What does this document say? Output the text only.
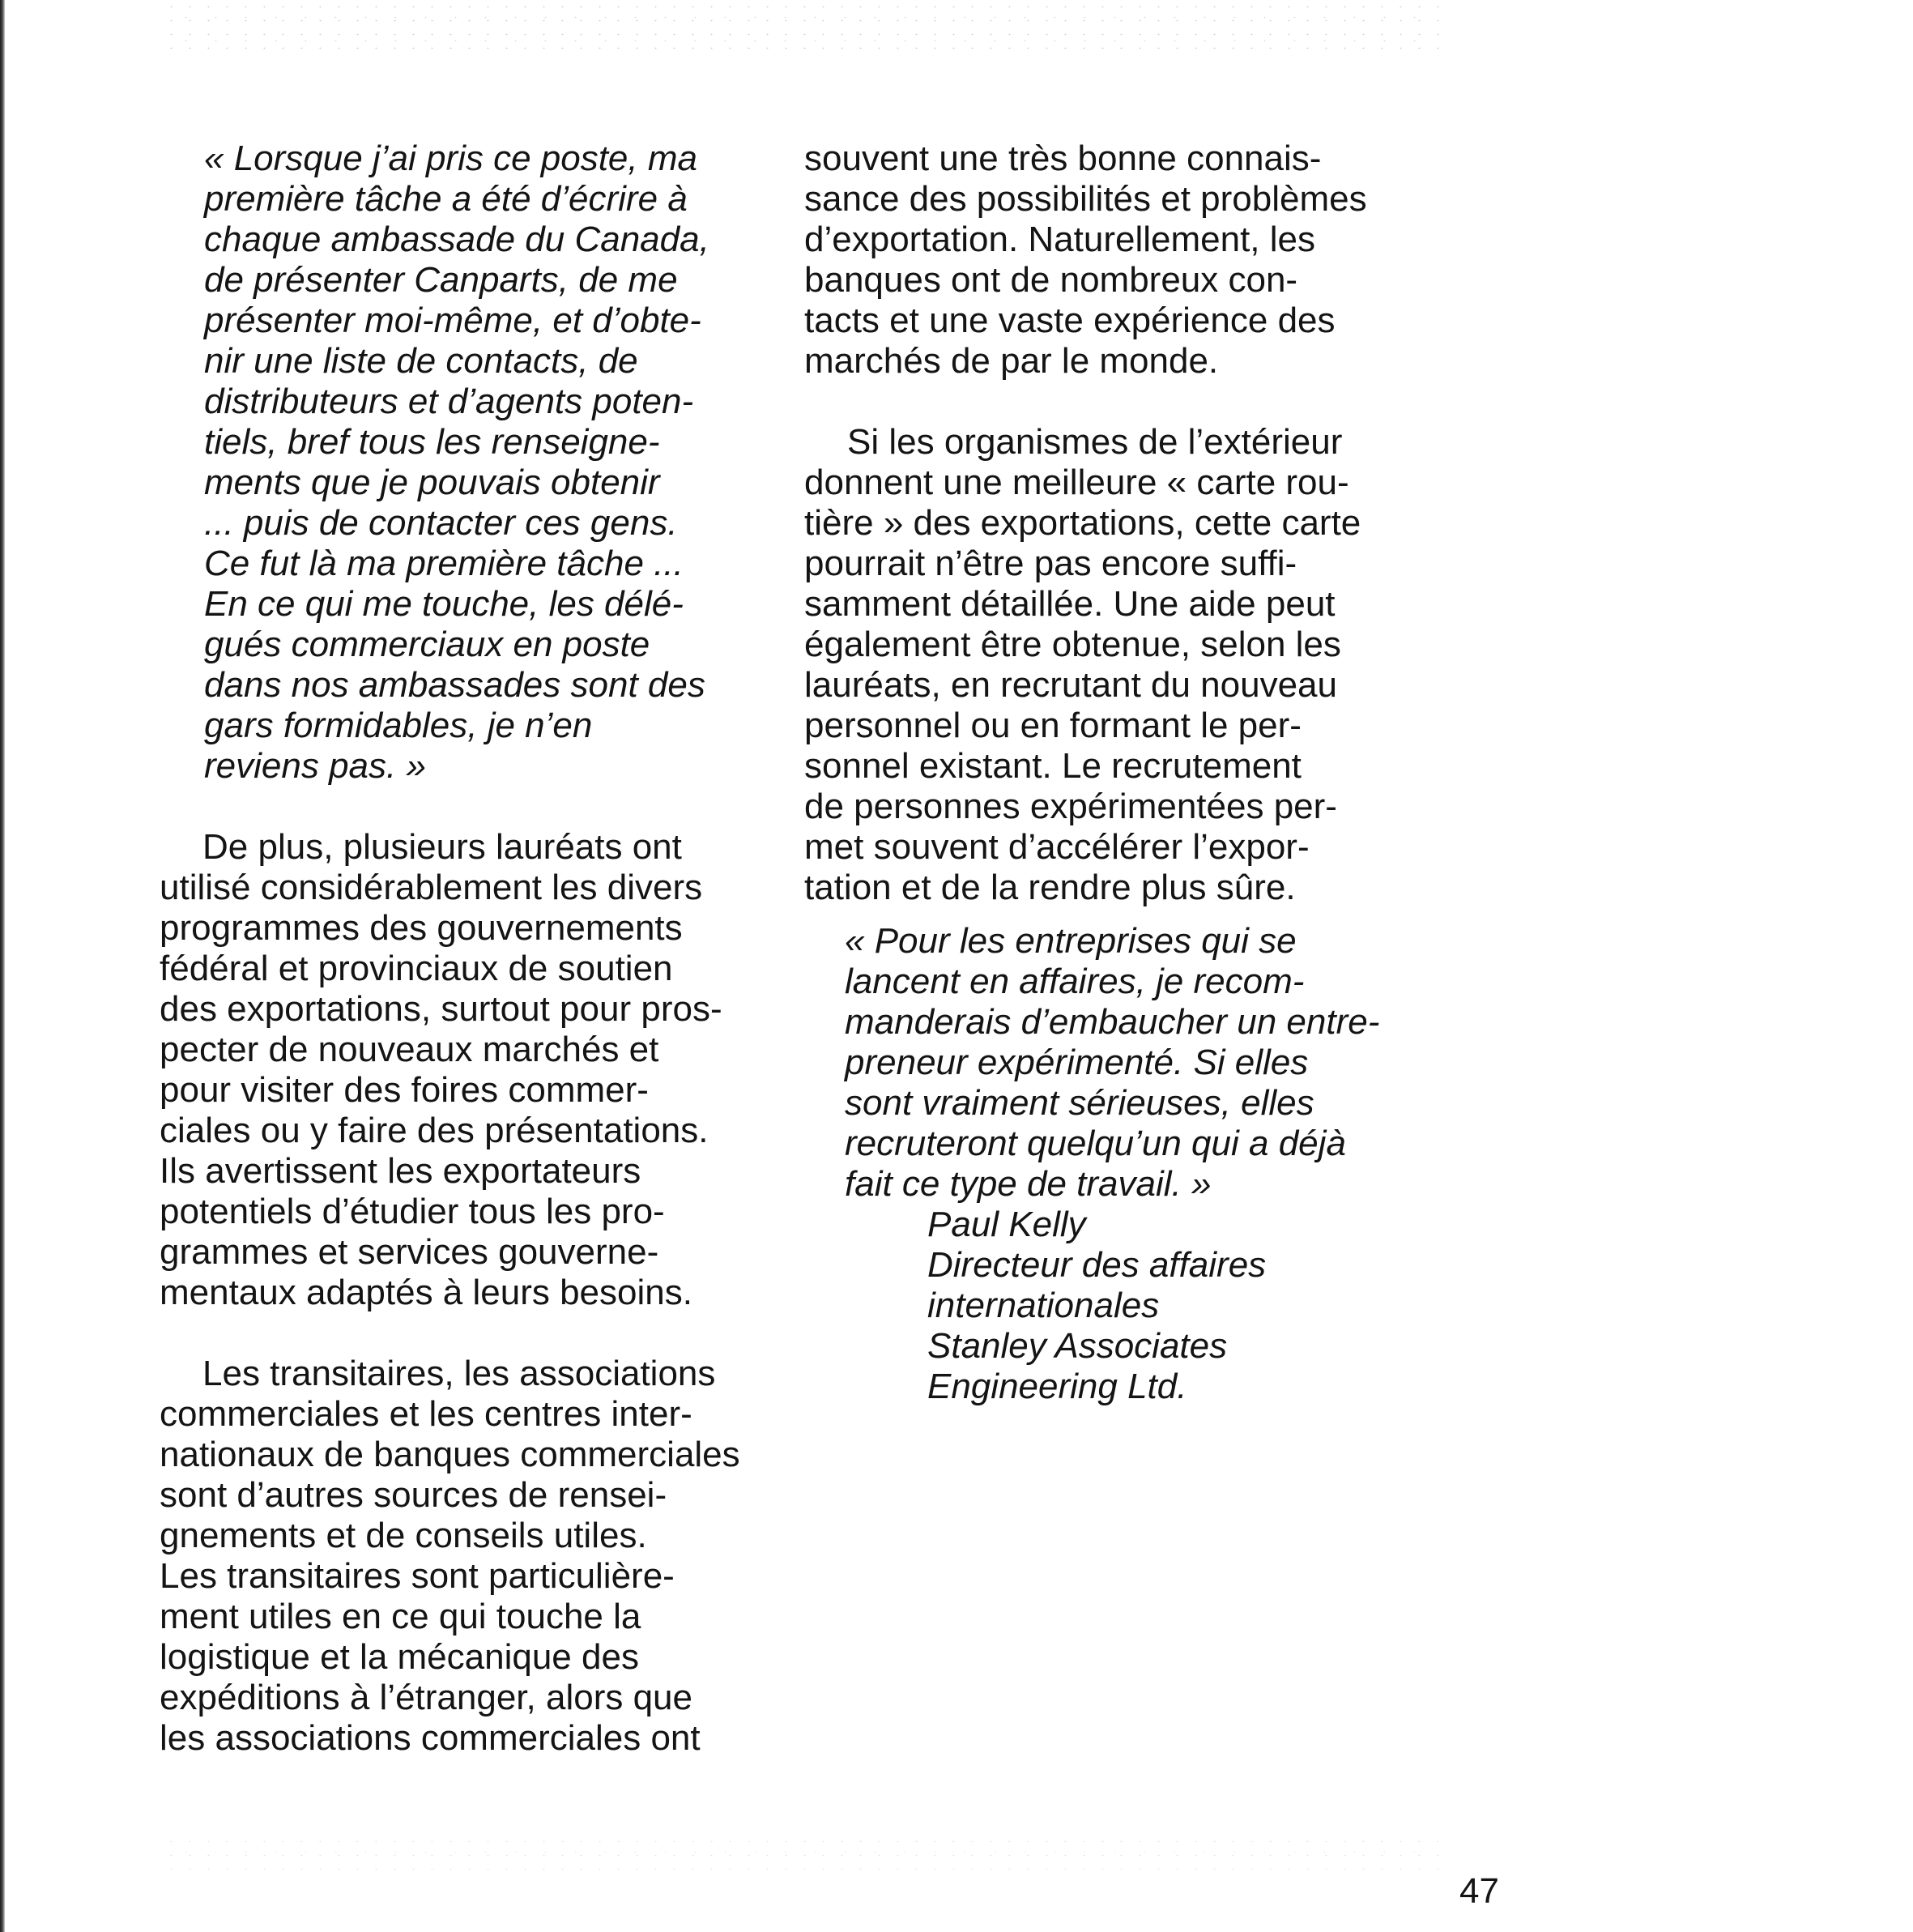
« Lorsque j’ai pris ce poste, ma
première tâche a été d’écrire à
chaque ambassade du Canada,
de présenter Canparts, de me
présenter moi-même, et d’obte-
nir une liste de contacts, de
distributeurs et d’agents poten-
tiels, bref tous les renseigne-
ments que je pouvais obtenir
... puis de contacter ces gens.
Ce fut là ma première tâche ...
En ce qui me touche, les délé-
gués commerciaux en poste
dans nos ambassades sont des
gars formidables, je n’en
reviens pas. »
De plus, plusieurs lauréats ont
utilisé considérablement les divers
programmes des gouvernements
fédéral et provinciaux de soutien
des exportations, surtout pour pros-
pecter de nouveaux marchés et
pour visiter des foires commer-
ciales ou y faire des présentations.
Ils avertissent les exportateurs
potentiels d’étudier tous les pro-
grammes et services gouverne-
mentaux adaptés à leurs besoins.
Les transitaires, les associations
commerciales et les centres inter-
nationaux de banques commerciales
sont d’autres sources de rensei-
gnements et de conseils utiles.
Les transitaires sont particulière-
ment utiles en ce qui touche la
logistique et la mécanique des
expéditions à l’étranger, alors que
les associations commerciales ont
souvent une très bonne connais-
sance des possibilités et problèmes
d’exportation. Naturellement, les
banques ont de nombreux con-
tacts et une vaste expérience des
marchés de par le monde.
Si les organismes de l’extérieur
donnent une meilleure « carte rou-
tière » des exportations, cette carte
pourrait n’être pas encore suffi-
samment détaillée. Une aide peut
également être obtenue, selon les
lauréats, en recrutant du nouveau
personnel ou en formant le per-
sonnel existant. Le recrutement
de personnes expérimentées per-
met souvent d’accélérer l’expor-
tation et de la rendre plus sûre.
« Pour les entreprises qui se
lancent en affaires, je recom-
manderais d’embaucher un entre-
preneur expérimenté. Si elles
sont vraiment sérieuses, elles
recruteront quelqu’un qui a déjà
fait ce type de travail. »
Paul Kelly
Directeur des affaires
internationales
Stanley Associates
Engineering Ltd.
47
